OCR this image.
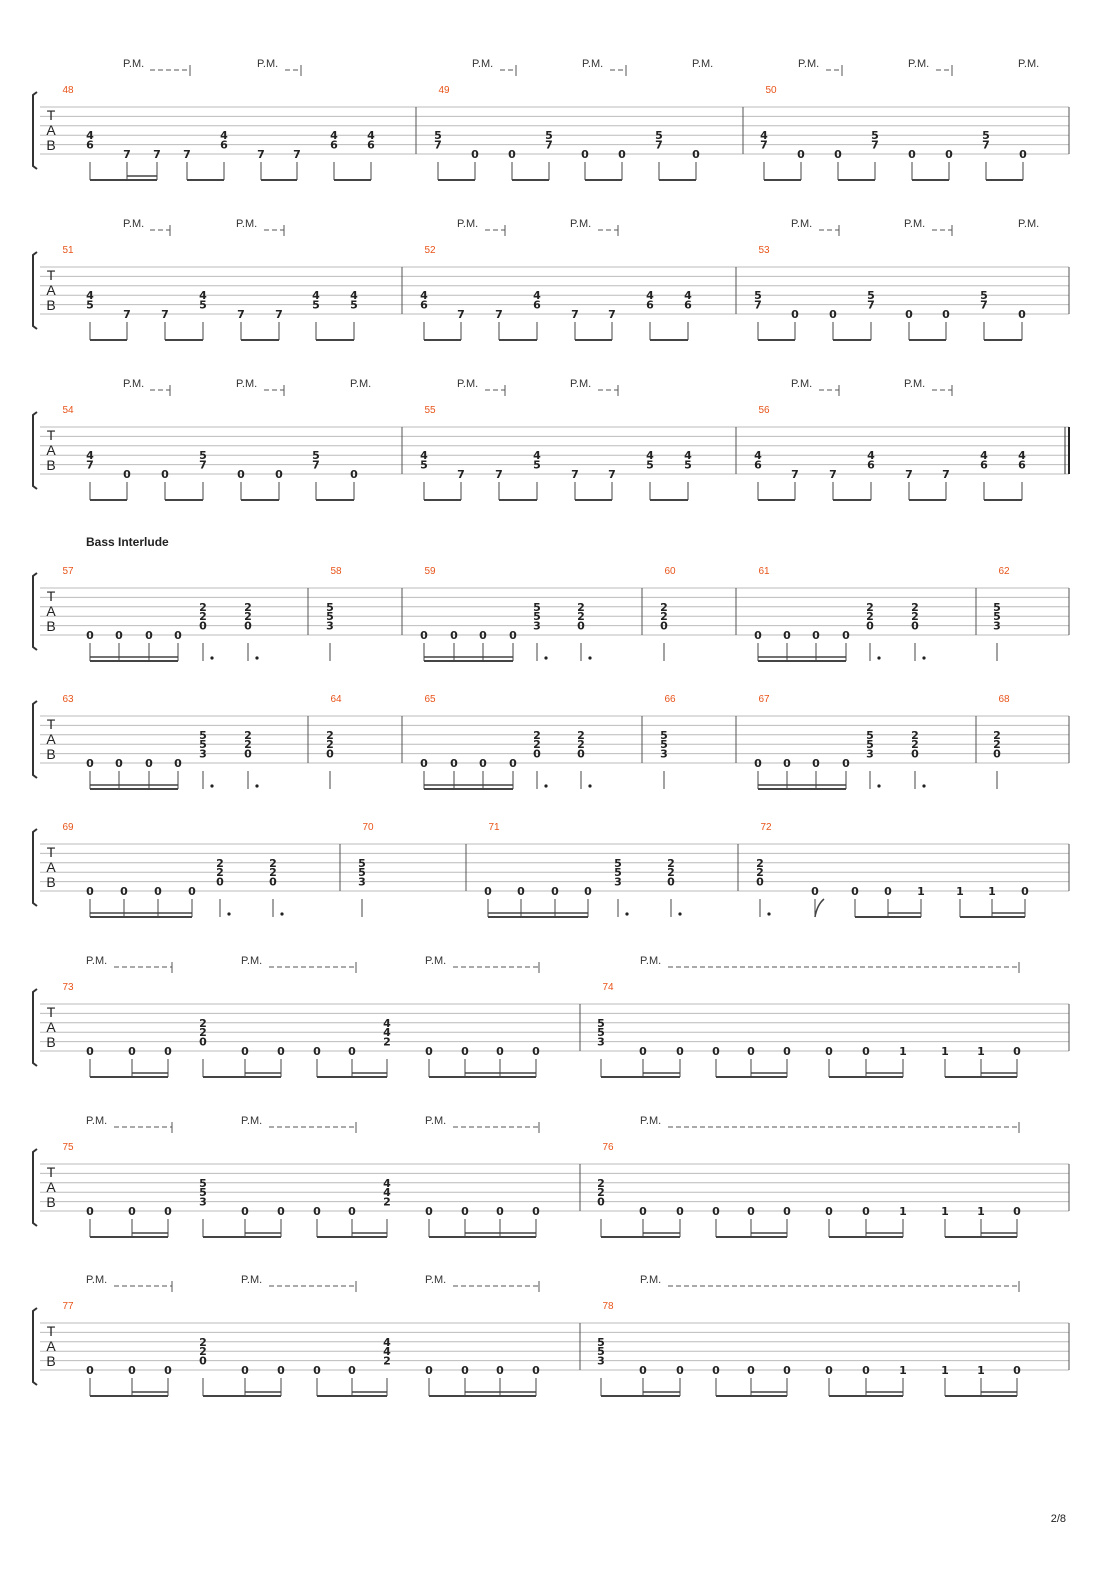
T
A
B
P.M.	P.M.	P.M.	P.M.	P.M.	P.M.	P.M.	P.M.
48
4
6
7 7 7
4
6
7	7
4
6
4
6
49
5
7
0	0
5
7
0	0
5
7
0
50
4
7
0	0
5
7
0	0
5
7
0
T
A
B
P.M.	P.M.	P.M.	P.M.	P.M.	P.M.	P.M.
51
4
5
7	7
4
5
7	7
4
5
4
5
52
4
6
7	7
4
6
7	7
4
6
4
6
53
5
7
0	0
5
7
0	0
5
7
0
T
A
B
P.M.	P.M.	P.M.	P.M.	P.M.	P.M.	P.M.
54
4
7
0	0
5
7
0	0
5
7
0
55
4
5
7	7
4
5
7	7
4
5
4
5
56
4
6
7	7
4
6
7	7
4
6
4
6
T
A
B
Bass Interlude
57
0 0 0 0
2
2
0
2
2
0
58
5
5
3
59
0 0 0 0
5
5
3
2
2
0
60
2
2
0
61
0 0 0 0
2
2
0
2
2
0
62
5
5
3
T
A
B
63
0 0 0 0
5
5
3
2
2
0
64
2
2
0
65
0 0 0 0
2
2
0
2
2
0
66
5
5
3
67
0 0 0 0
5
5
3
2
2
0
68
2
2
0
T
A
B
69
0 0 0 0
2
2
0
2
2
0
70
5
5
3
71
0 0 0 0
5
5
3
2
2
0
72
2
2
0
0	0 0 1	1 1 0
T
A
B
P.M.	P.M.	P.M.	P.M.
73
0	0	0
2
2
0
0	0	0 0
4
4
2
0	0 0	0
74
5
5
3
0	0	0 0	0	0	0	1	1	1	0
T
A
B
P.M.	P.M.	P.M.	P.M.
75
0	0	0
5
5
3
0	0	0 0
4
4
2
0	0 0	0
76
2
2
0
0	0	0 0	0	0	0	1	1	1	0
T
A
B
P.M.	P.M.	P.M.	P.M.
77
0	0	0
2
2
0
0	0	0 0
4
4
2
0	0 0	0
78
5
5
3
0	0	0 0	0	0	0	1	1	1	0
2/8
